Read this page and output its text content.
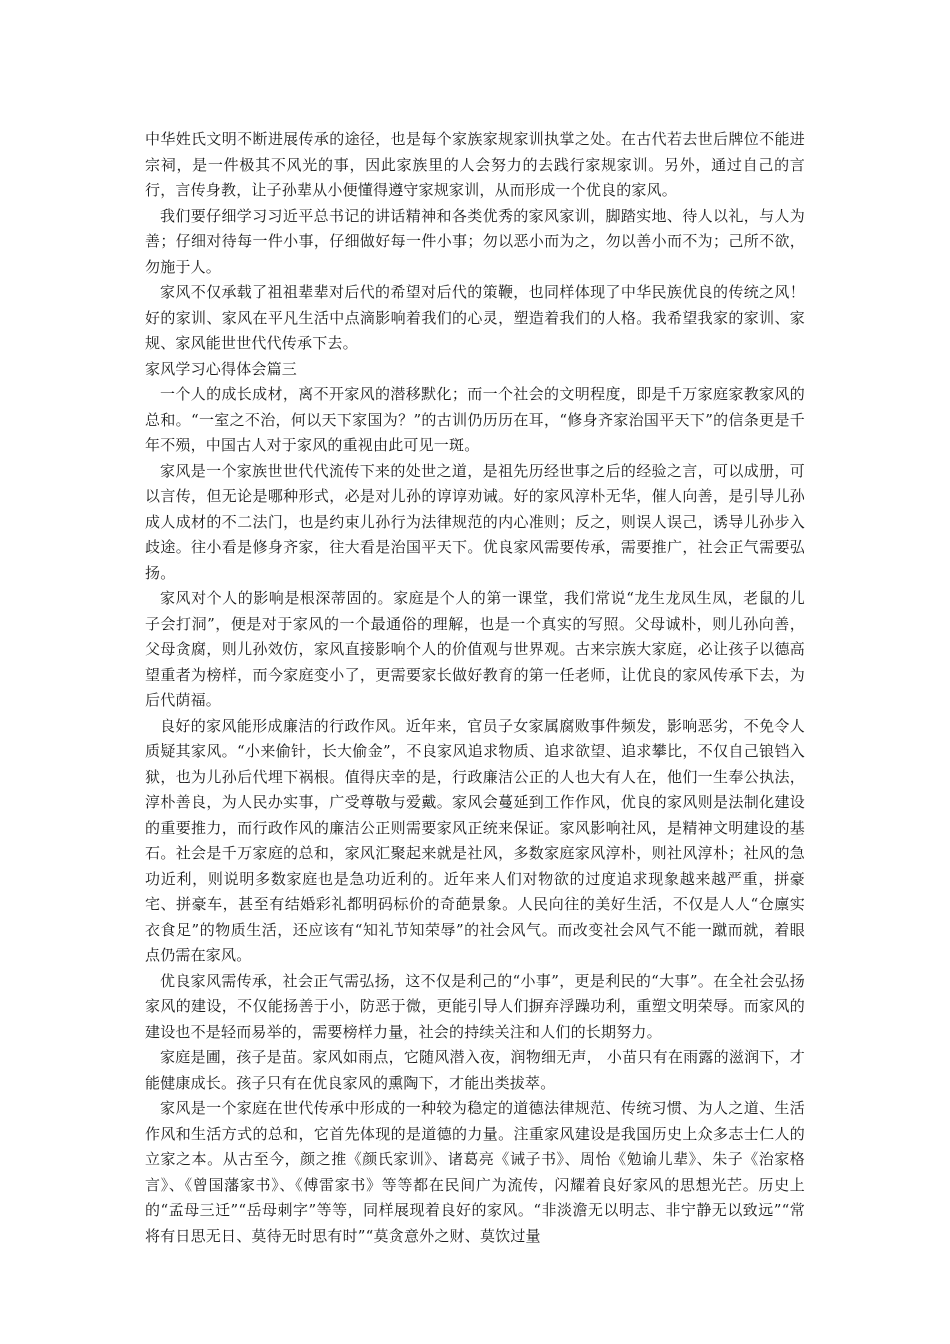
中华姓氏文明不断进展传承的途径，也是每个家族家规家训执掌之处。在古代若去世后牌位不能进宗祠，是一件极其不风光的事，因此家族里的人会努力的去践行家规家训。另外，通过自己的言行，言传身教，让子孙辈从小便懂得遵守家规家训，从而形成一个优良的家风。

我们要仔细学习习近平总书记的讲话精神和各类优秀的家风家训，脚踏实地、待人以礼，与人为善；仔细对待每一件小事，仔细做好每一件小事；勿以恶小而为之，勿以善小而不为；己所不欲，勿施于人。

家风不仅承载了祖祖辈辈对后代的希望对后代的策鞭，也同样体现了中华民族优良的传统之风！好的家训、家风在平凡生活中点滴影响着我们的心灵，塑造着我们的人格。我希望我家的家训、家规、家风能世世代代传承下去。

家风学习心得体会篇三

一个人的成长成材，离不开家风的潜移默化；而一个社会的文明程度，即是千万家庭家教家风的总和。“一室之不治，何以天下家国为？”的古训仍历历在耳，“修身齐家治国平天下”的信条更是千年不殒，中国古人对于家风的重视由此可见一斑。

家风是一个家族世世代代流传下来的处世之道，是祖先历经世事之后的经验之言，可以成册，可以言传，但无论是哪种形式，必是对儿孙的谆谆劝诫。好的家风淳朴无华，催人向善，是引导儿孙成人成材的不二法门，也是约束儿孙行为法律规范的内心准则；反之，则误人误己，诱导儿孙步入歧途。往小看是修身齐家，往大看是治国平天下。优良家风需要传承，需要推广，社会正气需要弘扬。

家风对个人的影响是根深蒂固的。家庭是个人的第一课堂，我们常说“龙生龙凤生凤，老鼠的儿子会打洞”，便是对于家风的一个最通俗的理解，也是一个真实的写照。父母诚朴，则儿孙向善，父母贪腐，则儿孙效仿，家风直接影响个人的价值观与世界观。古来宗族大家庭，必让孩子以德高望重者为榜样，而今家庭变小了，更需要家长做好教育的第一任老师，让优良的家风传承下去，为后代荫福。

良好的家风能形成廉洁的行政作风。近年来，官员子女家属腐败事件频发，影响恶劣，不免令人质疑其家风。“小来偷针，长大偷金”，不良家风追求物质、追求欲望、追求攀比，不仅自己锒铛入狱，也为儿孙后代埋下祸根。值得庆幸的是，行政廉洁公正的人也大有人在，他们一生奉公执法，淳朴善良，为人民办实事，广受尊敬与爱戴。家风会蔓延到工作作风，优良的家风则是法制化建设的重要推力，而行政作风的廉洁公正则需要家风正统来保证。家风影响社风，是精神文明建设的基石。社会是千万家庭的总和，家风汇聚起来就是社风，多数家庭家风淳朴，则社风淳朴；社风的急功近利，则说明多数家庭也是急功近利的。近年来人们对物欲的过度追求现象越来越严重，拼豪宅、拼豪车，甚至有结婚彩礼都明码标价的奇葩景象。人民向往的美好生活，不仅是人人“仓廪实衣食足”的物质生活，还应该有“知礼节知荣辱”的社会风气。而改变社会风气不能一蹴而就，着眼点仍需在家风。

优良家风需传承，社会正气需弘扬，这不仅是利己的“小事”，更是利民的“大事”。在全社会弘扬家风的建设，不仅能扬善于小，防恶于微，更能引导人们摒弃浮躁功利，重塑文明荣辱。而家风的建设也不是轻而易举的，需要榜样力量，社会的持续关注和人们的长期努力。

家庭是圃，孩子是苗。家风如雨点，它随风潜入夜，润物细无声， 小苗只有在雨露的滋润下，才能健康成长。孩子只有在优良家风的熏陶下，才能出类拔萃。

家风是一个家庭在世代传承中形成的一种较为稳定的道德法律规范、传统习惯、为人之道、生活作风和生活方式的总和，它首先体现的是道德的力量。注重家风建设是我国历史上众多志士仁人的立家之本。从古至今，颜之推《颜氏家训》、诸葛亮《诫子书》、周怡《勉谕儿辈》、朱子《治家格言》、《曾国藩家书》、《傅雷家书》等等都在民间广为流传，闪耀着良好家风的思想光芒。历史上的“孟母三迁”“岳母刺字”等等，同样展现着良好的家风。“非淡澹无以明志、非宁静无以致远”“常将有日思无日、莫待无时思有时”“莫贪意外之财、莫饮过量
